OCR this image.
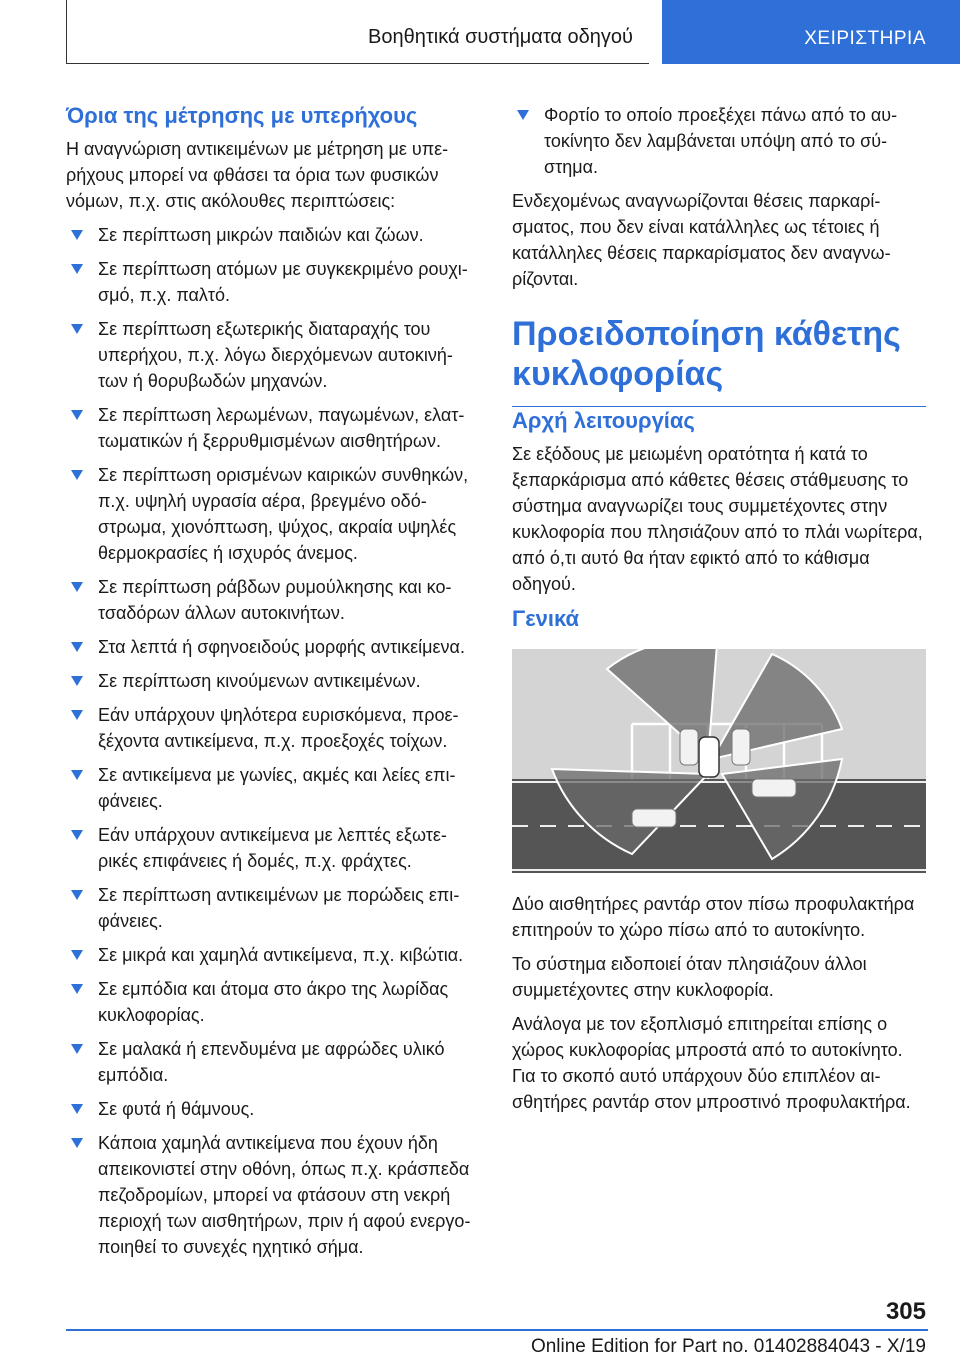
Βοηθητικά συστήματα οδηγού	ΧΕΙΡΙΣΤΗΡΙΑ
Όρια της μέτρησης με υπερήχους

Η αναγνώριση αντικειμένων με μέτρηση με υπερήχους μπορεί να φθάσει τα όρια των φυσικών νόμων, π.χ. στις ακόλουθες περιπτώσεις:

Σε περίπτωση μικρών παιδιών και ζώων.
Σε περίπτωση ατόμων με συγκεκριμένο ρουχισμό, π.χ. παλτό.
Σε περίπτωση εξωτερικής διαταραχής του υπερήχου, π.χ. λόγω διερχόμενων αυτοκινήτων ή θορυβωδών μηχανών.
Σε περίπτωση λερωμένων, παγωμένων, ελαττωματικών ή ξερρυθμισμένων αισθητήρων.
Σε περίπτωση ορισμένων καιρικών συνθηκών, π.χ. υψηλή υγρασία αέρα, βρεγμένο οδόστρωμα, χιονόπτωση, ψύχος, ακραία υψηλές θερμοκρασίες ή ισχυρός άνεμος.
Σε περίπτωση ράβδων ρυμούλκησης και κοτσαδόρων άλλων αυτοκινήτων.
Στα λεπτά ή σφηνοειδούς μορφής αντικείμενα.
Σε περίπτωση κινούμενων αντικειμένων.
Εάν υπάρχουν ψηλότερα ευρισκόμενα, προεξέχοντα αντικείμενα, π.χ. προεξοχές τοίχων.
Σε αντικείμενα με γωνίες, ακμές και λείες επιφάνειες.
Εάν υπάρχουν αντικείμενα με λεπτές εξωτερικές επιφάνειες ή δομές, π.χ. φράχτες.
Σε περίπτωση αντικειμένων με πορώδεις επιφάνειες.
Σε μικρά και χαμηλά αντικείμενα, π.χ. κιβώτια.
Σε εμπόδια και άτομα στο άκρο της λωρίδας κυκλοφορίας.
Σε μαλακά ή επενδυμένα με αφρώδες υλικό εμπόδια.
Σε φυτά ή θάμνους.
Κάποια χαμηλά αντικείμενα που έχουν ήδη απεικονιστεί στην οθόνη, όπως π.χ. κράσπεδα πεζοδρομίων, μπορεί να φτάσουν στη νεκρή περιοχή των αισθητήρων, πριν ή αφού ενεργοποιηθεί το συνεχές ηχητικό σήμα.
Φορτίο το οποίο προεξέχει πάνω από το αυτοκίνητο δεν λαμβάνεται υπόψη από το σύστημα.

Ενδεχομένως αναγνωρίζονται θέσεις παρκαρίσματος, που δεν είναι κατάλληλες ως τέτοιες ή κατάλληλες θέσεις παρκαρίσματος δεν αναγνωρίζονται.

Προειδοποίηση κάθετης κυκλοφορίας
Αρχή λειτουργίας

Σε εξόδους με μειωμένη ορατότητα ή κατά το ξεπαρκάρισμα από κάθετες θέσεις στάθμευσης το σύστημα αναγνωρίζει τους συμμετέχοντες στην κυκλοφορία που πλησιάζουν από το πλάι νωρίτερα, από ό,τι αυτό θα ήταν εφικτό από το κάθισμα οδηγού.

Γενικά

Δύο αισθητήρες ραντάρ στον πίσω προφυλακτήρα επιτηρούν το χώρο πίσω από το αυτοκίνητο.

Το σύστημα ειδοποιεί όταν πλησιάζουν άλλοι συμμετέχοντες στην κυκλοφορία.

Ανάλογα με τον εξοπλισμό επιτηρείται επίσης ο χώρος κυκλοφορίας μπροστά από το αυτοκίνητο. Για το σκοπό αυτό υπάρχουν δύο επιπλέον αισθητήρες ραντάρ στον μπροστινό προφυλακτήρα.

305
Online Edition for Part no. 01402884043 - X/19
